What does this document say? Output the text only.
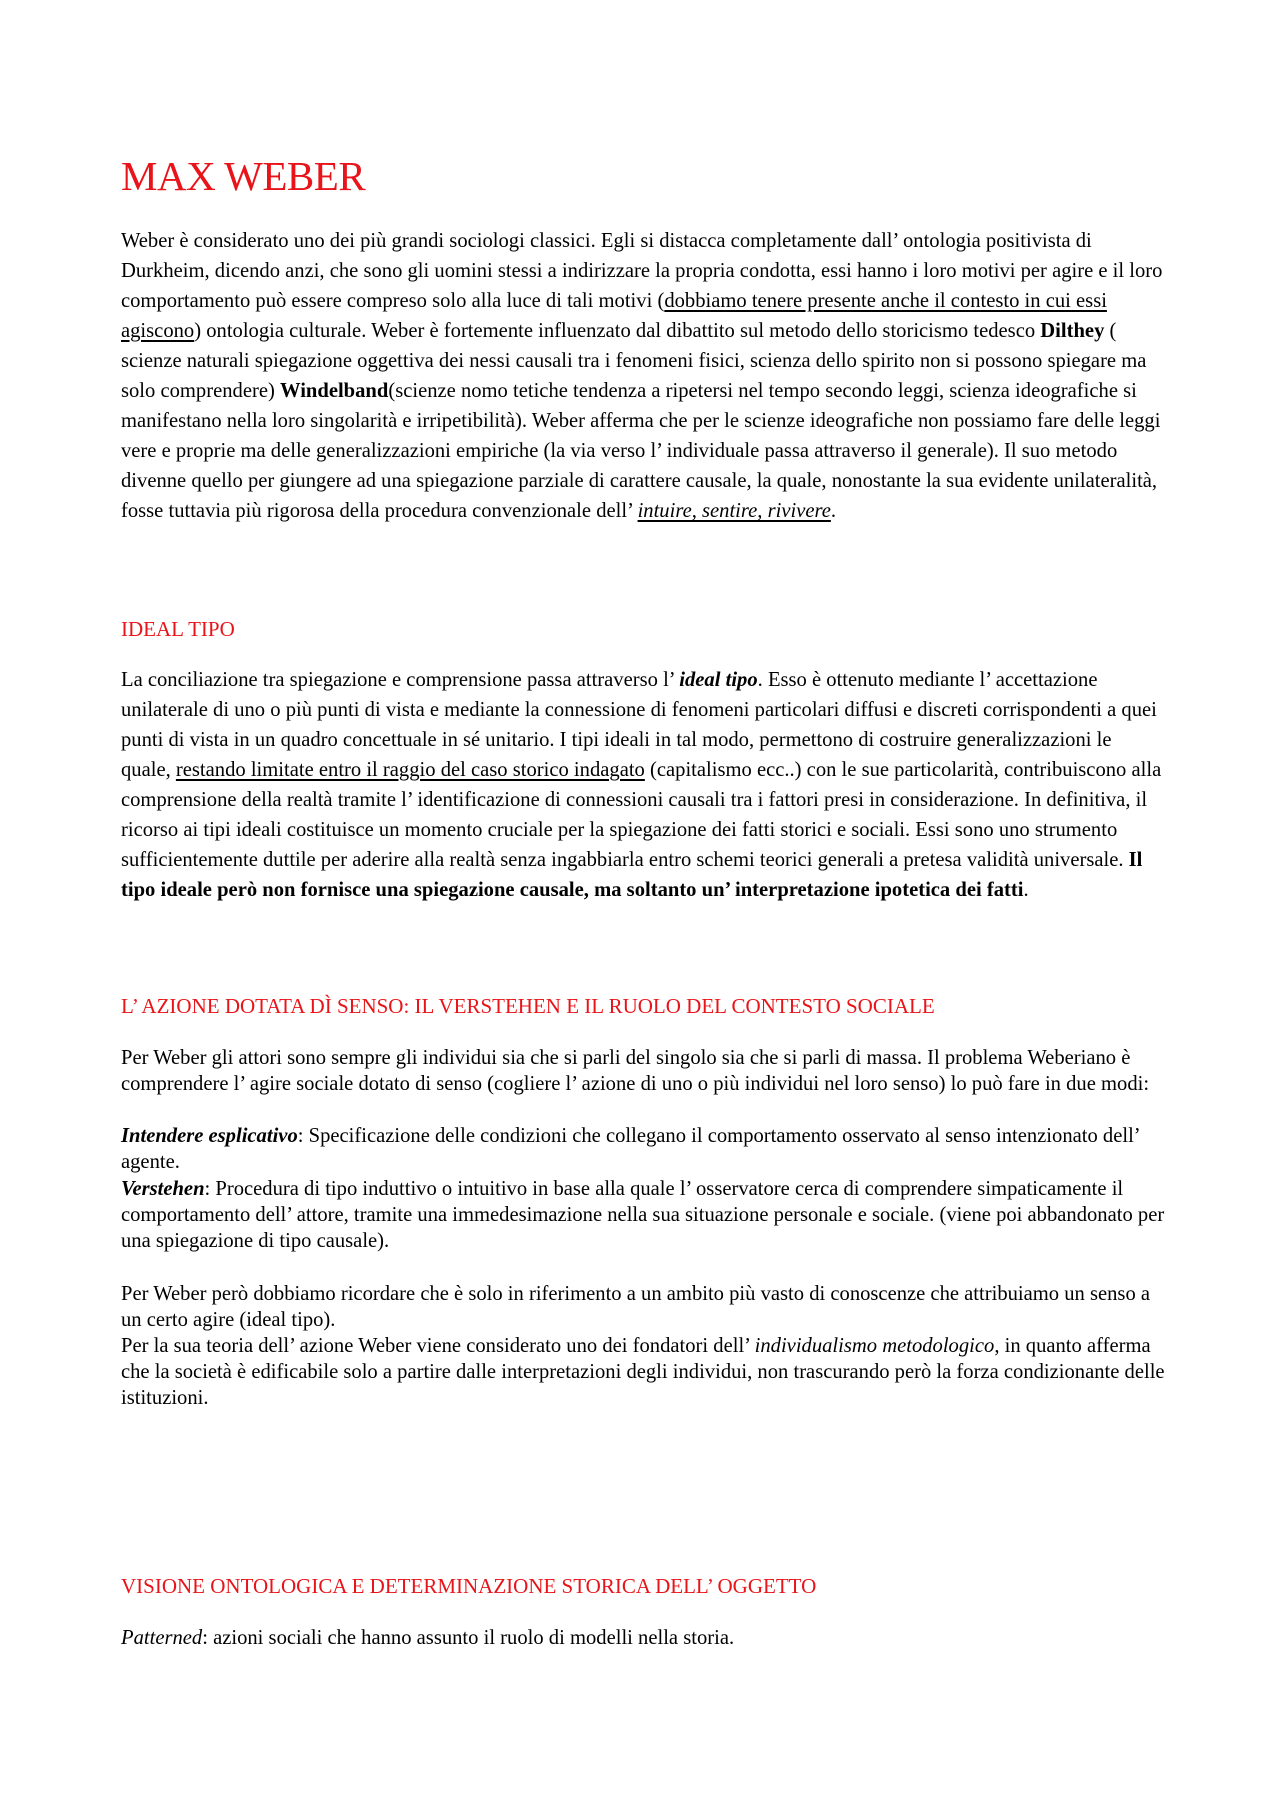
MAX WEBER

Weber è considerato uno dei più grandi sociologi classici. Egli si distacca completamente dall’ ontologia positivista di Durkheim, dicendo anzi, che sono gli uomini stessi a indirizzare la propria condotta, essi hanno i loro motivi per agire e il loro comportamento può essere compreso solo alla luce di tali motivi (dobbiamo tenere presente anche il contesto in cui essi agiscono) ontologia culturale. Weber è fortemente influenzato dal dibattito sul metodo dello storicismo tedesco Dilthey ( scienze naturali spiegazione oggettiva dei nessi causali tra i fenomeni fisici, scienza dello spirito non si possono spiegare ma solo comprendere) Windelband(scienze nomo tetiche tendenza a ripetersi nel tempo secondo leggi, scienza ideografiche si manifestano nella loro singolarità e irripetibilità). Weber afferma che per le scienze ideografiche non possiamo fare delle leggi vere e proprie ma delle generalizzazioni empiriche (la via verso l’ individuale passa attraverso il generale). Il suo metodo divenne quello per giungere ad una spiegazione parziale di carattere causale, la quale, nonostante la sua evidente unilateralità, fosse tuttavia più rigorosa della procedura convenzionale dell’ intuire, sentire, rivivere.

IDEAL TIPO

La conciliazione tra spiegazione e comprensione passa attraverso l’ ideal tipo. Esso è ottenuto mediante l’ accettazione unilaterale di uno o più punti di vista e mediante la connessione di fenomeni particolari diffusi e discreti corrispondenti a quei punti di vista in un quadro concettuale in sé unitario. I tipi ideali in tal modo, permettono di costruire generalizzazioni le quale, restando limitate entro il raggio del caso storico indagato (capitalismo ecc..) con le sue particolarità, contribuiscono alla comprensione della realtà tramite l’ identificazione di connessioni causali tra i fattori presi in considerazione. In definitiva, il ricorso ai tipi ideali costituisce un momento cruciale per la spiegazione dei fatti storici e sociali. Essi sono uno strumento sufficientemente duttile per aderire alla realtà senza ingabbiarla entro schemi teorici generali a pretesa validità universale. Il tipo ideale però non fornisce una spiegazione causale, ma soltanto un’ interpretazione ipotetica dei fatti.

L’ AZIONE DOTATA DÌ SENSO: IL VERSTEHEN E IL RUOLO DEL CONTESTO SOCIALE

Per Weber gli attori sono sempre gli individui sia che si parli del singolo sia che si parli di massa. Il problema Weberiano è comprendere l’ agire sociale dotato di senso (cogliere l’ azione di uno o più individui nel loro senso) lo può fare in due modi:

Intendere esplicativo: Specificazione delle condizioni che collegano il comportamento osservato al senso intenzionato dell’ agente.

Verstehen: Procedura di tipo induttivo o intuitivo in base alla quale l’ osservatore cerca di comprendere simpaticamente il comportamento dell’ attore, tramite una immedesimazione nella sua situazione personale e sociale. (viene poi abbandonato per una spiegazione di tipo causale).

Per Weber però dobbiamo ricordare che è solo in riferimento a un ambito più vasto di conoscenze che attribuiamo un senso a un certo agire (ideal tipo).

Per la sua teoria dell’ azione Weber viene considerato uno dei fondatori dell’ individualismo metodologico, in quanto afferma che la società è edificabile solo a partire dalle interpretazioni degli individui, non trascurando però la forza condizionante delle istituzioni.

VISIONE ONTOLOGICA E DETERMINAZIONE STORICA DELL’ OGGETTO

Patterned: azioni sociali che hanno assunto il ruolo di modelli nella storia.
